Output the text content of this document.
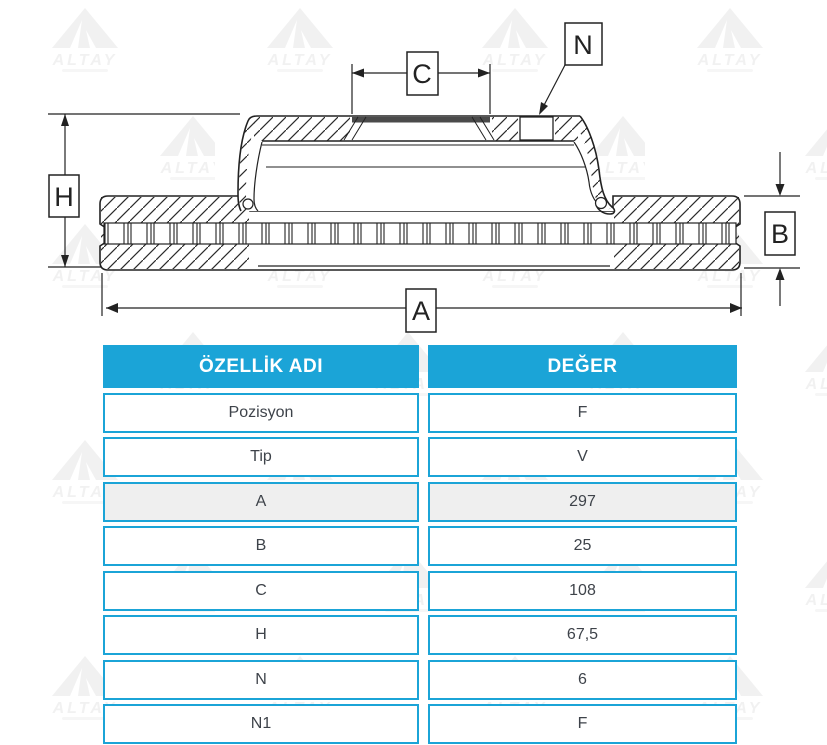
H
A
C
B
N
ÖZELLİK ADI
Pozisyon
Tip
A
B
C
H
N
N1
DEĞER
F
V
297
25
108
67,5
6
F
